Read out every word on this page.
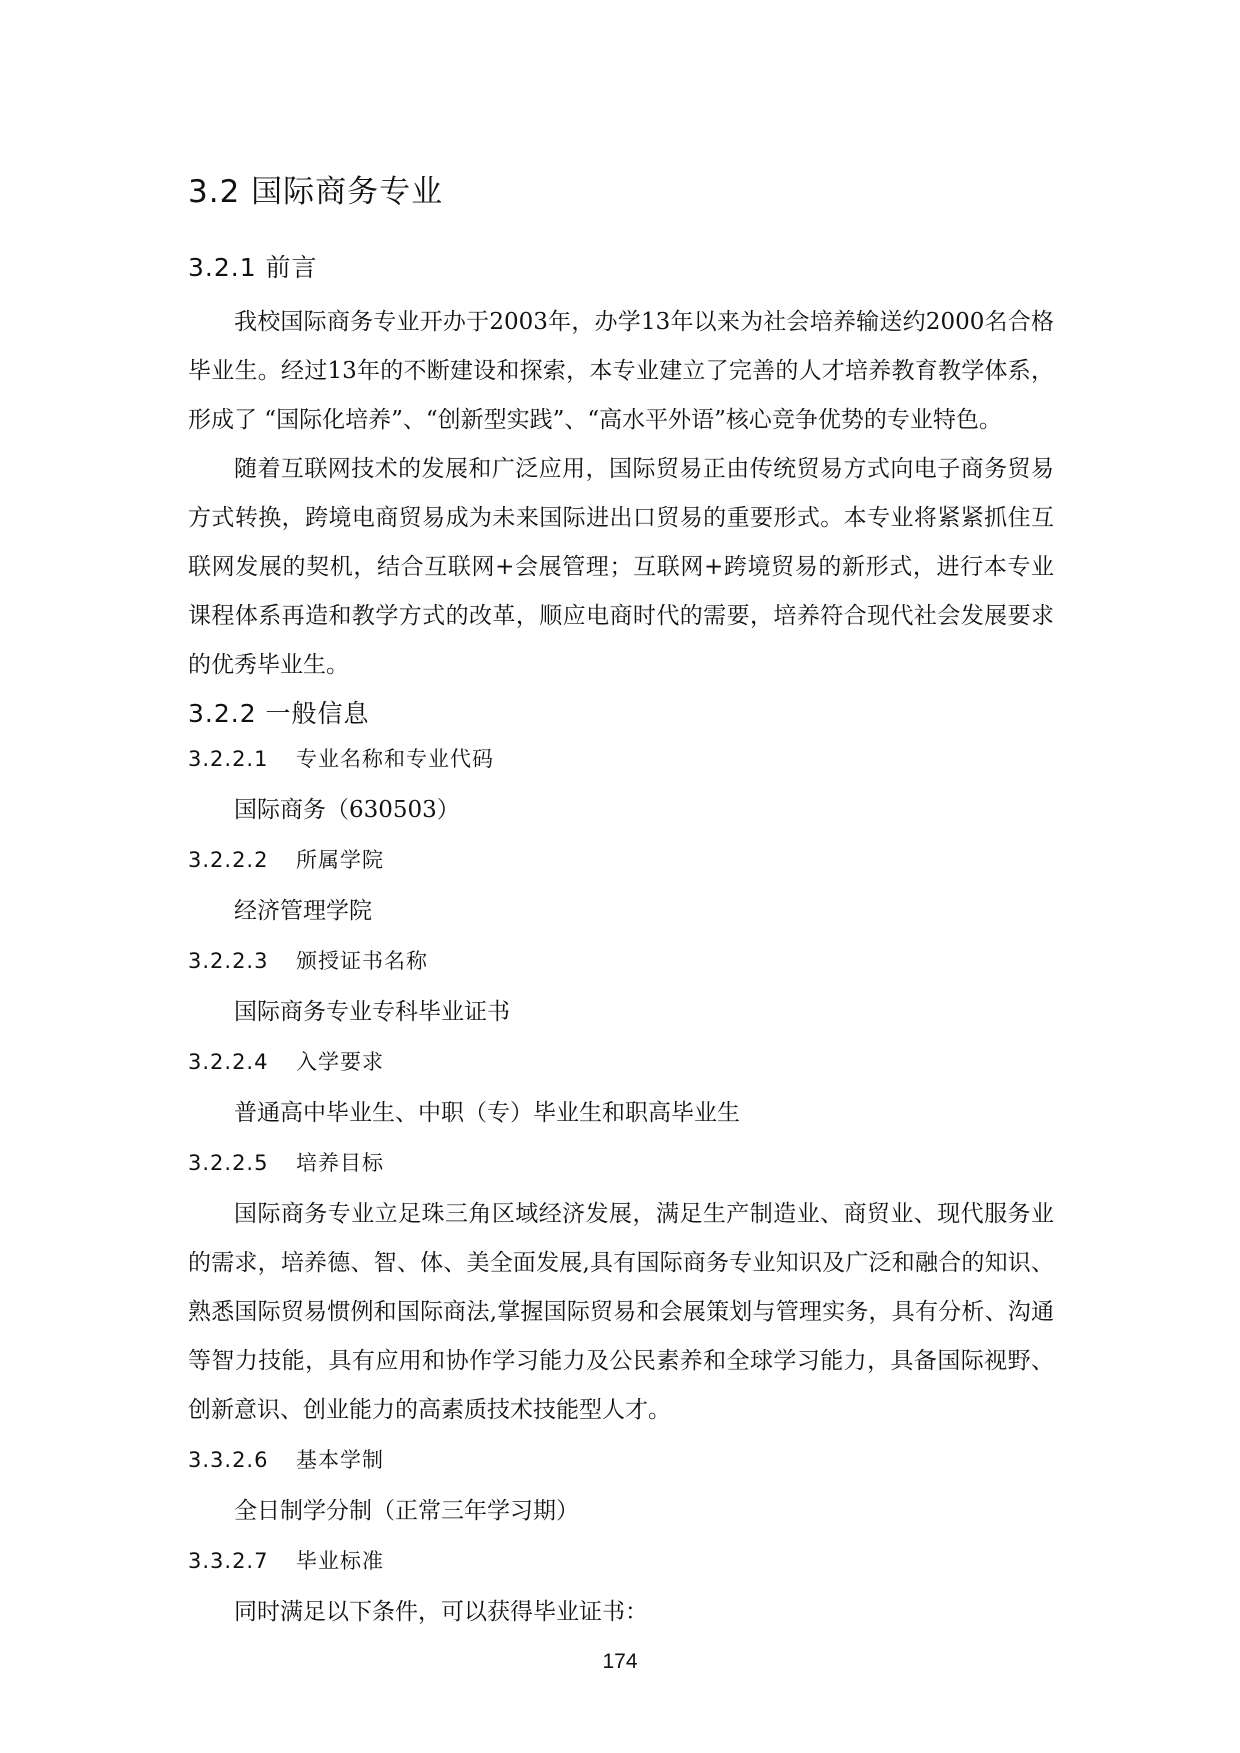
3.2 国际商务专业
3.2.1 前言

我校国际商务专业开办于2003年，办学13年以来为社会培养输送约2000名合格毕业生。经过13年的不断建设和探索，本专业建立了完善的人才培养教育教学体系，形成了 “国际化培养”、“创新型实践”、“高水平外语”核心竞争优势的专业特色。

随着互联网技术的发展和广泛应用，国际贸易正由传统贸易方式向电子商务贸易方式转换，跨境电商贸易成为未来国际进出口贸易的重要形式。本专业将紧紧抓住互联网发展的契机，结合互联网+会展管理；互联网+跨境贸易的新形式，进行本专业课程体系再造和教学方式的改革，顺应电商时代的需要，培养符合现代社会发展要求的优秀毕业生。

3.2.2 一般信息
3.2.2.1 专业名称和专业代码

国际商务（630503）

3.2.2.2 所属学院

经济管理学院

3.2.2.3 颁授证书名称

国际商务专业专科毕业证书

3.2.2.4 入学要求

普通高中毕业生、中职（专）毕业生和职高毕业生

3.2.2.5 培养目标

国际商务专业立足珠三角区域经济发展，满足生产制造业、商贸业、现代服务业的需求，培养德、智、体、美全面发展,具有国际商务专业知识及广泛和融合的知识、熟悉国际贸易惯例和国际商法,掌握国际贸易和会展策划与管理实务，具有分析、沟通等智力技能，具有应用和协作学习能力及公民素养和全球学习能力，具备国际视野、创新意识、创业能力的高素质技术技能型人才。

3.3.2.6 基本学制

全日制学分制（正常三年学习期）

3.3.2.7 毕业标准

同时满足以下条件，可以获得毕业证书：

174
